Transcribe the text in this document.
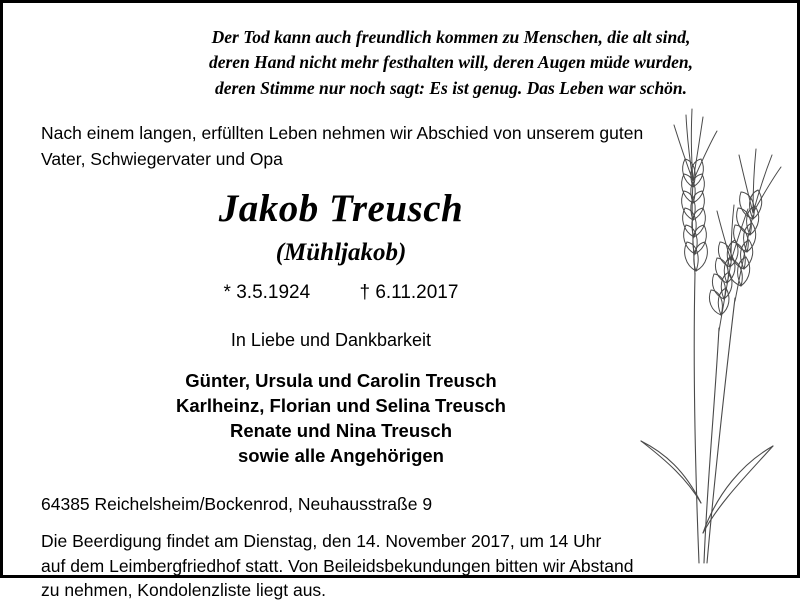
Der Tod kann auch freundlich kommen zu Menschen, die alt sind,
deren Hand nicht mehr festhalten will, deren Augen müde wurden,
deren Stimme nur noch sagt: Es ist genug. Das Leben war schön.
Nach einem langen, erfüllten Leben nehmen wir Abschied von unserem guten Vater, Schwiegervater und Opa
Jakob Treusch
(Mühljakob)
* 3.5.1924	† 6.11.2017
In Liebe und Dankbarkeit
Günter, Ursula und Carolin Treusch
Karlheinz, Florian und Selina Treusch
Renate und Nina Treusch
sowie alle Angehörigen
64385 Reichelsheim/Bockenrod, Neuhausstraße 9
Die Beerdigung findet am Dienstag, den 14. November 2017, um 14 Uhr
auf dem Leimbergfriedhof statt. Von Beileidsbekundungen bitten wir Abstand
zu nehmen, Kondolenzliste liegt aus.
